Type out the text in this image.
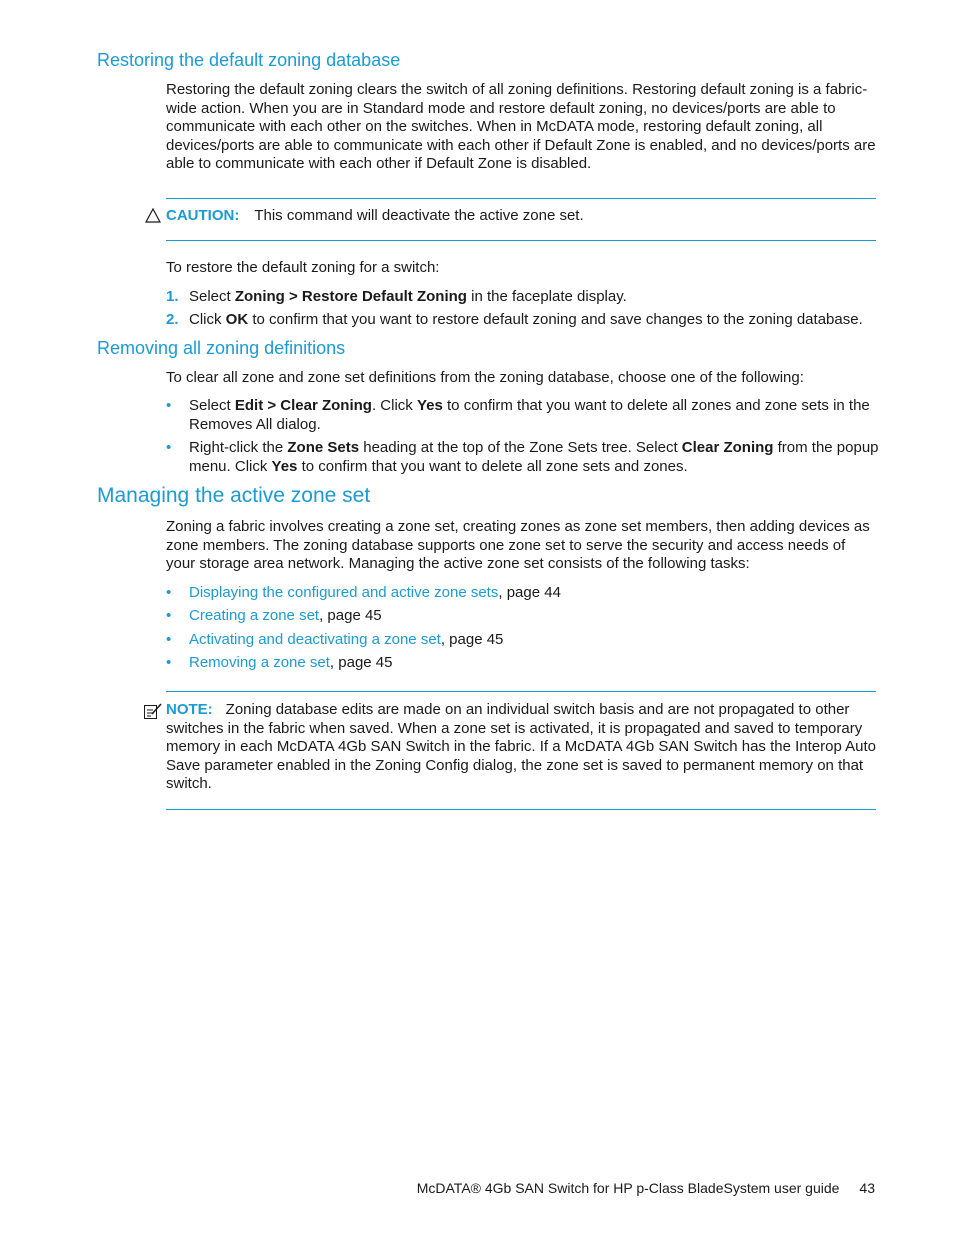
Restoring the default zoning database
Restoring the default zoning clears the switch of all zoning definitions. Restoring default zoning is a fabric-wide action. When you are in Standard mode and restore default zoning, no devices/ports are able to communicate with each other on the switches. When in McDATA mode, restoring default zoning, all devices/ports are able to communicate with each other if Default Zone is enabled, and no devices/ports are able to communicate with each other if Default Zone is disabled.
CAUTION: This command will deactivate the active zone set.
To restore the default zoning for a switch:
1. Select Zoning > Restore Default Zoning in the faceplate display.
2. Click OK to confirm that you want to restore default zoning and save changes to the zoning database.
Removing all zoning definitions
To clear all zone and zone set definitions from the zoning database, choose one of the following:
• Select Edit > Clear Zoning. Click Yes to confirm that you want to delete all zones and zone sets in the Removes All dialog.
• Right-click the Zone Sets heading at the top of the Zone Sets tree. Select Clear Zoning from the popup menu. Click Yes to confirm that you want to delete all zone sets and zones.
Managing the active zone set
Zoning a fabric involves creating a zone set, creating zones as zone set members, then adding devices as zone members. The zoning database supports one zone set to serve the security and access needs of your storage area network. Managing the active zone set consists of the following tasks:
• Displaying the configured and active zone sets, page 44
• Creating a zone set, page 45
• Activating and deactivating a zone set, page 45
• Removing a zone set, page 45
NOTE: Zoning database edits are made on an individual switch basis and are not propagated to other switches in the fabric when saved. When a zone set is activated, it is propagated and saved to temporary memory in each McDATA 4Gb SAN Switch in the fabric. If a McDATA 4Gb SAN Switch has the Interop Auto Save parameter enabled in the Zoning Config dialog, the zone set is saved to permanent memory on that switch.
McDATA® 4Gb SAN Switch for HP p-Class BladeSystem user guide 43
